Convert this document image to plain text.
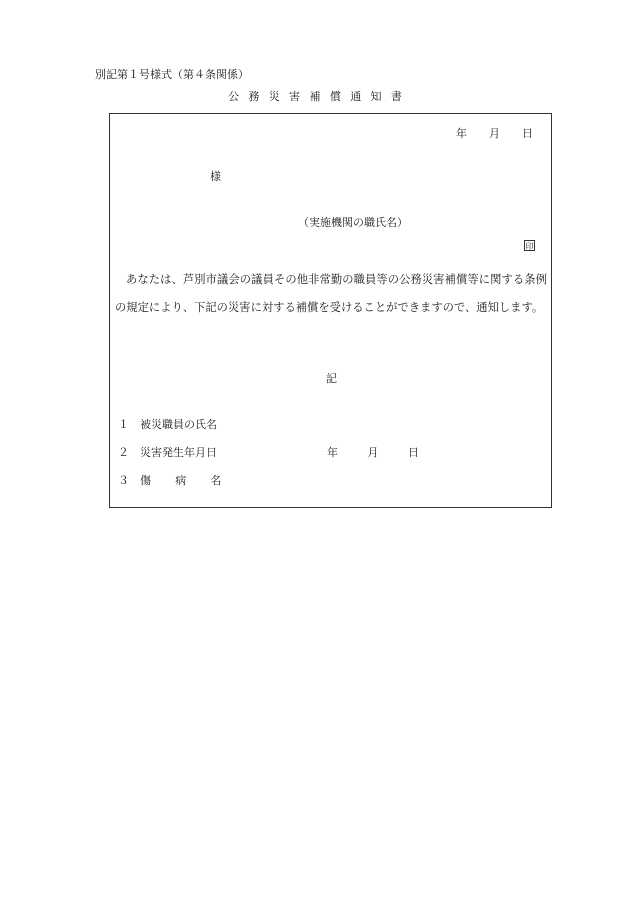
別記第１号様式（第４条関係）
公務災害補償通知書
年 月 日
様
（実施機関の職氏名）
印
あなたは、芦別市議会の議員その他非常勤の職員等の公務災害補償等に関する条例の規定により、下記の災害に対する補償を受けることができますので、通知します。
記
１ 被災職員の氏名
２ 災害発生年月日	年	月	日
３ 傷病名
